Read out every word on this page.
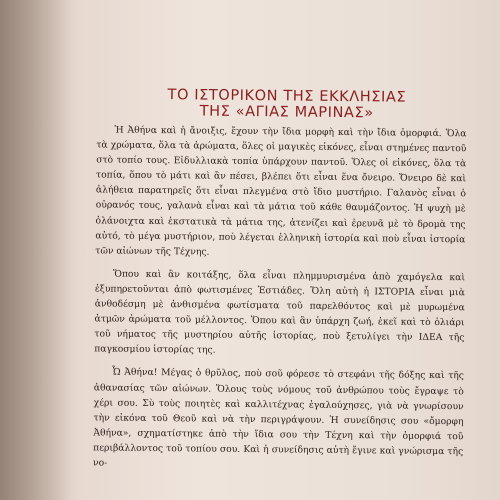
ΤΟ ΙΣΤΟΡΙΚΟΝ ΤΗΣ ΕΚΚΛΗΣΙΑΣ
ΤΗΣ «ΑΓΙΑΣ ΜΑΡΙΝΑΣ»

Ἡ Ἀθήνα καὶ ἡ ἄνοιξις, ἔχουν τὴν ἴδια μορφὴ καὶ τὴν ἴδια ὀμορφιά. Ὅλα τὰ χρώματα, ὅλα τὰ ἀρώματα, ὅλες οἱ μαγικὲς εἰκόνες, εἶναι στημένες παντοῦ στὸ τοπίο τους. Εἰδυλλιακὰ τοπία ὑπάρχουν παντοῦ. Ὅλες οἱ εἰκόνες, ὅλα τὰ τοπία, ὅπου τὸ μάτι καὶ ἂν πέσει, βλέπει ὅτι εἶναι ἕνα ὄνειρο. Ὄνειρο δὲ καὶ ἀλήθεια παρατηρεῖς ὅτι εἶναι πλεγμένα στὸ ἴδιο μυστήριο. Γαλανὸς εἶναι ὁ οὐρανός τους, γαλανὰ εἶναι καὶ τὰ μάτια τοῦ κάθε θαυμάζοντος. Ἡ ψυχὴ μὲ ὀλάνοιχτα καὶ ἐκστατικὰ τὰ μάτια της, ἀτενίζει καὶ ἐρευνᾶ μὲ τὸ δρομὰ της αὐτό, τὸ μέγα μυστήριον, ποὺ λέγεται ἑλληνικὴ ἱστορία καὶ ποὺ εἶναι ἱστορία τῶν αἰώνων τῆς Τέχνης.

Ὅπου καὶ ἂν κοιτάξης, ὅλα εἶναι πλημμυρισμένα ἀπὸ χαμόγελα καὶ ἐξυπηρετοῦνται ἀπὸ φωτισμένες Ἑστιάδες. Ὅλη αὐτὴ ἡ ΙΣΤΟΡΙΑ εἶναι μιὰ ἀνθοδέσμη μὲ ἀνθισμένα φωτίσματα τοῦ παρελθόντος καὶ μὲ μυρωμένα ἀτμῶν ἀρώματα τοῦ μέλλοντος. Ὅπου καὶ ἂν ὑπάρχη ζωή, ἐκεῖ καὶ τὸ ὁλιάρι τοῦ νήματος τῆς μυστηρίου αὐτῆς ἱστορίας, ποὺ ξετυλίγει τὴν ΙΔΕΑ τῆς παγκοσμίου ἱστορίας της.

Ὦ Ἀθήνα! Μέγας ὁ θρῦλος, ποὺ σοῦ φόρεσε τὸ στεφάνι τῆς δόξης καὶ τῆς ἀθανασίας τῶν αἰώνων. Ὅλους τοὺς νόμους τοῦ ἀνθρώπου τοὺς ἔγραψε τὸ χέρι σου. Σὺ τοὺς ποιητὲς καὶ καλλιτέχνας ἐγαλούχησες, γιὰ νὰ γνωρίσουν τὴν εἰκόνα τοῦ Θεοῦ καὶ νὰ τὴν περιγράψουν. Ἡ συνείδησις σου «ὄμορφη Ἀθήνα», σχηματίστηκε ἀπὸ τὴν ἴδια σου τὴν Τέχνη καὶ τὴν ὀμορφιά τοῦ περιβάλλοντος τοῦ τοπίου σου. Καὶ ἡ συνείδησις αὐτὴ ἔγινε καὶ γνώρισμα τῆς νο-
